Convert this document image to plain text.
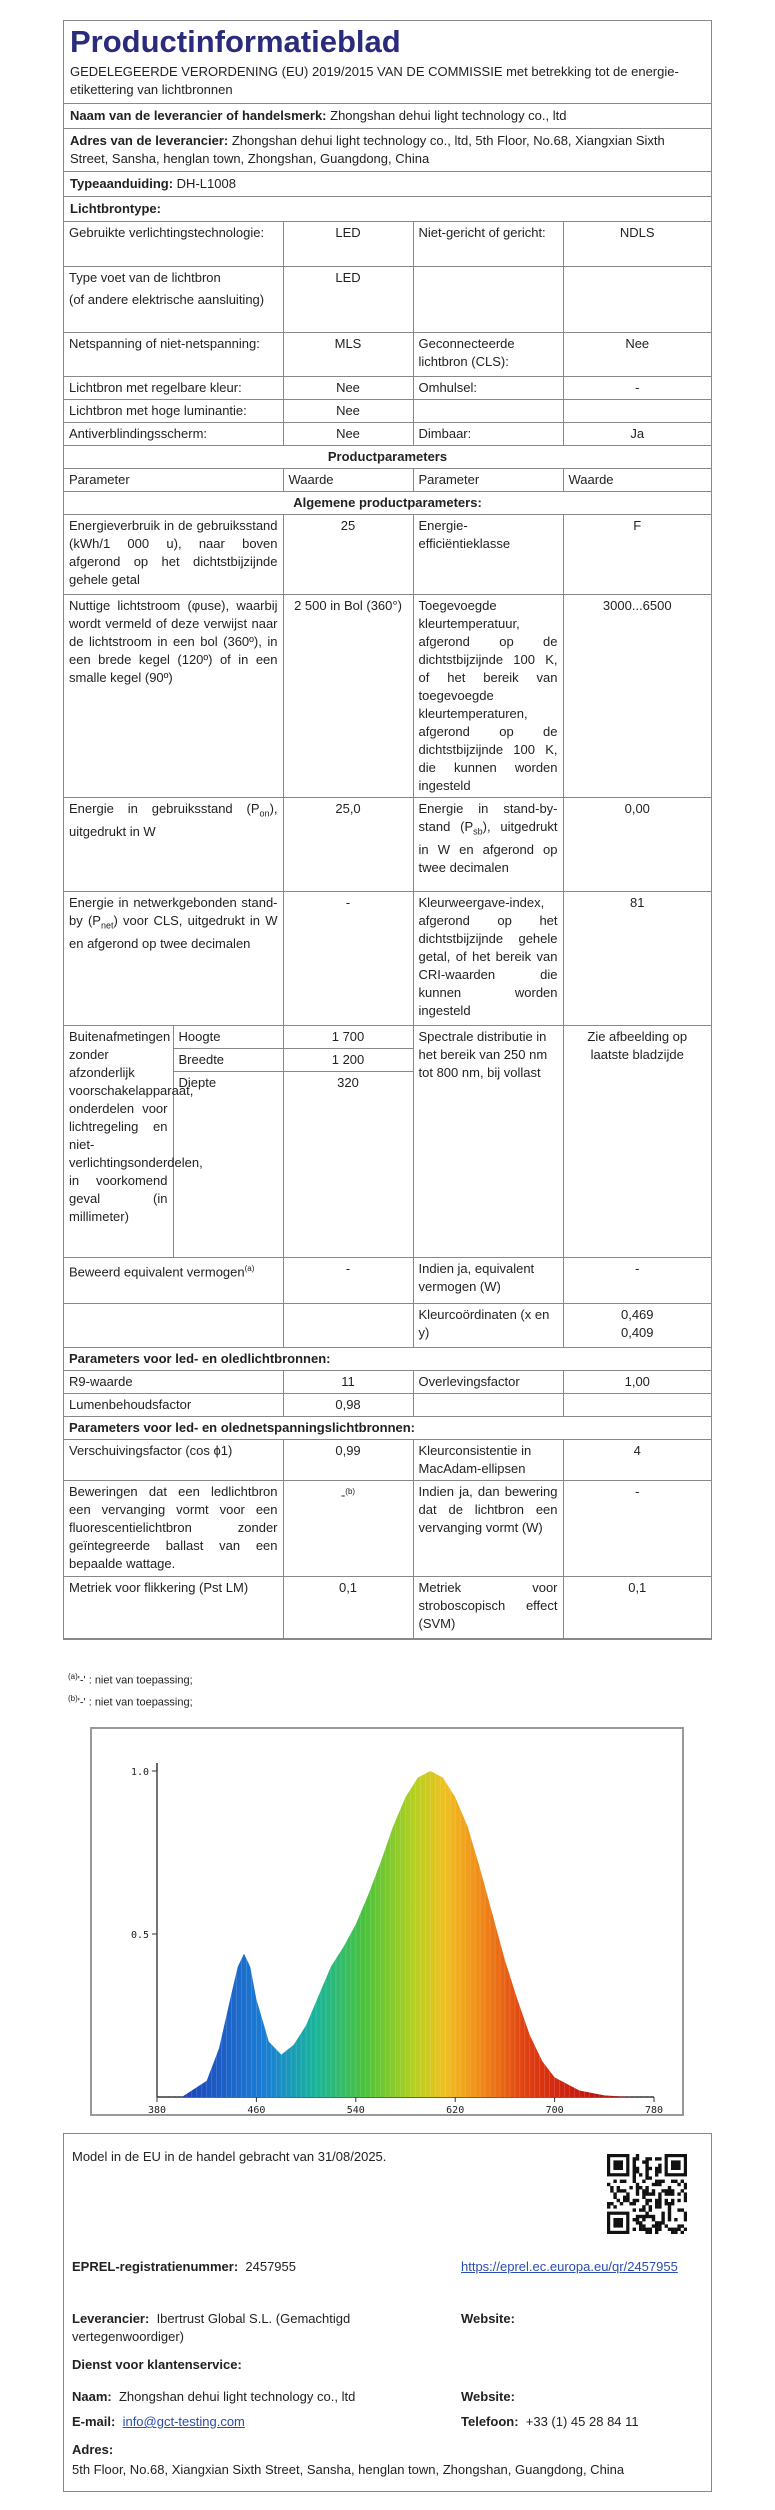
Productinformatieblad
GEDELEGEERDE VERORDENING (EU) 2019/2015 VAN DE COMMISSIE met betrekking tot de energie-etikettering van lichtbronnen
Naam van de leverancier of handelsmerk: Zhongshan dehui light technology co., ltd
Adres van de leverancier: Zhongshan dehui light technology co., ltd, 5th Floor, No.68, Xiangxian Sixth Street, Sansha, henglan town, Zhongshan, Guangdong, China
Typeaanduiding: DH-L1008
Lichtbrontype:
Gebruikte verlichtingstechnologie:	LED	Niet-gericht of gericht:	NDLS

Type voet van de lichtbron
(of andere elektrische aansluiting)	LED		
Netspanning of niet-netspanning:	MLS	Geconnecteerde lichtbron (CLS):	Nee
Lichtbron met regelbare kleur:	Nee	Omhulsel:	-
Lichtbron met hoge luminantie:	Nee		
Antiverblindingsscherm:	Nee	Dimbaar:	Ja
Productparameters			
Parameter	Waarde	Parameter	Waarde
Algemene productparameters:			
Energieverbruik in de gebruiksstand (kWh/1 000 u), naar boven afgerond op het dichtstbijzijnde gehele getal		25	Energie-efficiëntieklasse	F
Nuttige lichtstroom (φuse), waarbij wordt vermeld of deze verwijst naar de lichtstroom in een bol (360º), in een brede kegel (120º) of in een smalle kegel (90º)		2 500 in Bol (360°)	Toegevoegde kleurtemperatuur, afgerond op de dichtstbijzijnde 100 K, of het bereik van toegevoegde kleurtemperaturen, afgerond op de dichtstbijzijnde 100 K, die kunnen worden ingesteld	3000...6500
Energie in gebruiksstand $(P_{on})$, uitgedrukt in W		25,0	Energie in stand-by-stand $(P_{sb})$, uitgedrukt in W en afgerond op twee decimalen	0,00
Energie in netwerkgebonden stand-by $(P_{net})$ voor CLS, uitgedrukt in W en afgerond op twee decimalen		-	Kleurweergave-index, afgerond op het dichtstbijzijnde gehele getal, of het bereik van CRI-waarden die kunnen worden ingesteld	81
Buitenafmetingen zonder afzonderlijk voorschakelapparaat, onderdelen voor lichtregeling en niet-verlichtingsonderdelen, in voorkomend geval (in millimeter)	Hoogte	1 700	Spectrale distributie in het bereik van 250 nm tot 800 nm, bij vollast	Zie afbeelding op laatste bladzijde
	Breedte	1 200		
	Diepte	320		
Beweerd equivalent vermogen$^{(a)}$		-	Indien ja, equivalent vermogen (W)	-
			Kleurcoördinaten (x en y)	0,469
0,409

Parameters voor led- en oledlichtbronnen:				
R9-waarde		11	Overlevingsfactor	1,00
Lumenbehoudsfactor		0,98		
Parameters voor led- en olednetspanningslichtbronnen:				
Verschuivingsfactor (cos ϕ1)		0,99	Kleurconsistentie in MacAdam-ellipsen	4
Beweringen dat een ledlichtbron een vervanging vormt voor een fluorescentielichtbron zonder geïntegreerde ballast van een bepaalde wattage.		-$^{(b)}$	Indien ja, dan bewering dat de lichtbron een vervanging vormt (W)	-
Metriek voor flikkering (Pst LM)		0,1	Metriek voor stroboscopisch effect (SVM)	0,1
$^{(a)}$'-' : niet van toepassing;
$^{(b)}$'-' : niet van toepassing;
380	460	540	620	700	780
0.5
1.0
Model in de EU in de handel gebracht van 31/08/2025.
EPREL-registratienummer: 2457955	https://eprel.ec.europa.eu/qr/2457955
Leverancier: Ibertrust Global S.L. (Gemachtigd vertegenwoordiger)
Website:
Dienst voor klantenservice:
Naam: Zhongshan dehui light technology co., ltd	Website:
E-mail: info@gct-testing.com	Telefoon: +33 (1) 45 28 84 11
Adres:
5th Floor, No.68, Xiangxian Sixth Street, Sansha, henglan town, Zhongshan, Guangdong, China
